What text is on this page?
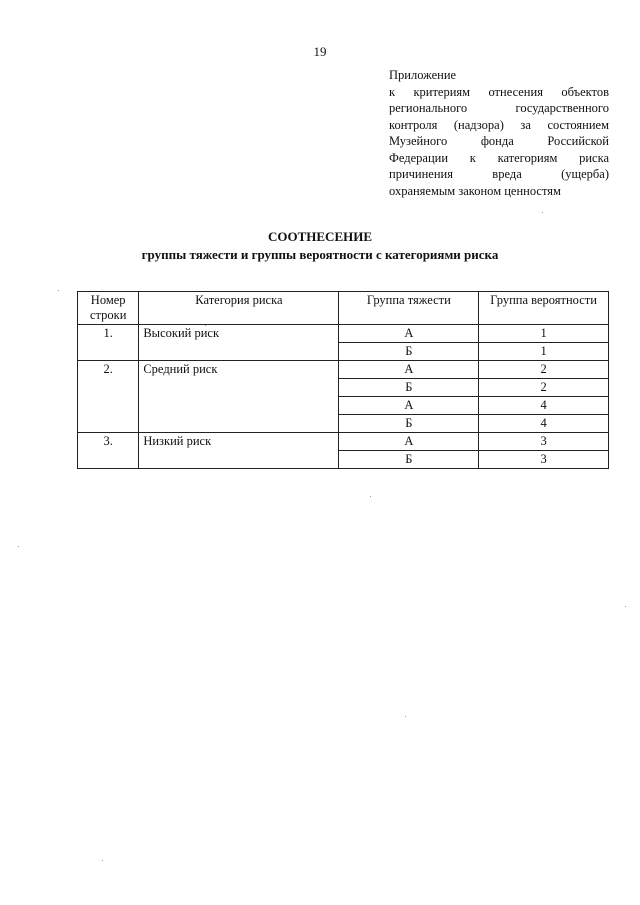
19
Приложение
к критериям отнесения объектов
регионального государственного
контроля (надзора) за состоянием
Музейного фонда Российской
Федерации к категориям риска
причинения вреда (ущерба)
охраняемым законом ценностям
СООТНЕСЕНИЕ
группы тяжести и группы вероятности с категориями риска
Номер строки	Категория риска	Группа тяжести	Группа вероятности
1.	Высокий риск	А	1
		Б	1
2.	Средний риск	А	2
		Б	2
		А	4
		Б	4
3.	Низкий риск	А	3
		Б	3
